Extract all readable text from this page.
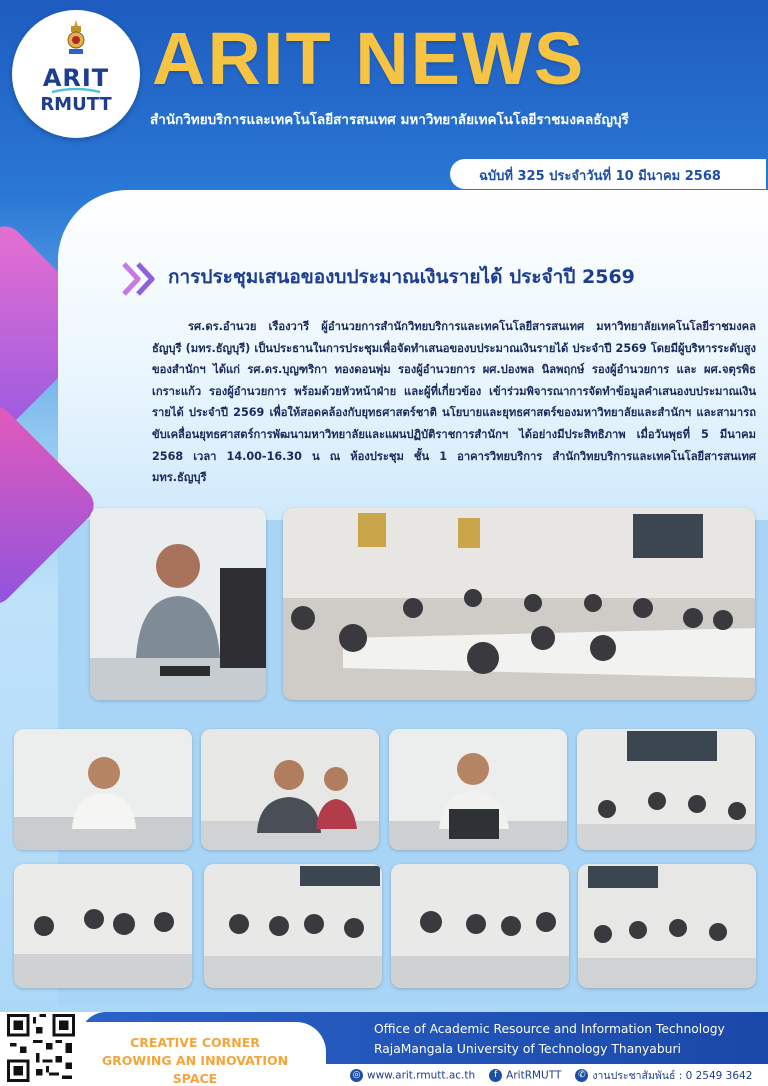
ARIT
RMUTT
ARIT NEWS
สำนักวิทยบริการและเทคโนโลยีสารสนเทศ มหาวิทยาลัยเทคโนโลยีราชมงคลธัญบุรี
ฉบับที่ 325 ประจำวันที่ 10 มีนาคม 2568
การประชุมเสนอของบประมาณเงินรายได้ ประจำปี 2569
รศ.ดร.อำนวย เรืองวารี ผู้อำนวยการสำนักวิทยบริการและเทคโนโลยีสารสนเทศ มหาวิทยาลัยเทคโนโลยีราชมงคลธัญบุรี (มทร.ธัญบุรี) เป็นประธานในการประชุมเพื่อจัดทำเสนอของบประมาณเงินรายได้ ประจำปี 2569 โดยมีผู้บริหารระดับสูงของสำนักฯ ได้แก่ รศ.ดร.บุญฑริกา ทองดอนพุ่ม รองผู้อำนวยการ ผศ.ปองพล นิลพฤกษ์ รองผู้อำนวยการ และ ผศ.จตุรพิธ เกราะแก้ว รองผู้อำนวยการ พร้อมด้วยหัวหน้าฝ่าย และผู้ที่เกี่ยวข้อง เข้าร่วมพิจารณาการจัดทำข้อมูลคำเสนองบประมาณเงินรายได้ ประจำปี 2569 เพื่อให้สอดคล้องกับยุทธศาสตร์ชาติ นโยบายและยุทธศาสตร์ของมหาวิทยาลัยและสำนักฯ และสามารถขับเคลื่อนยุทธศาสตร์การพัฒนามหาวิทยาลัยและแผนปฏิบัติราชการสำนักฯ ได้อย่างมีประสิทธิภาพ เมื่อวันพุธที่ 5 มีนาคม 2568 เวลา 14.00-16.30 น ณ ห้องประชุม ชั้น 1 อาคารวิทยบริการ สำนักวิทยบริการและเทคโนโลยีสารสนเทศ มทร.ธัญบุรี
CREATIVE CORNER
GROWING AN INNOVATION SPACE
Office of Academic Resource and Information Technology
RajaMangala University of Technology Thanyaburi
◎ www.arit.rmutt.ac.th	f AritRMUTT	✆ งานประชาสัมพันธ์ : 0 2549 3642
